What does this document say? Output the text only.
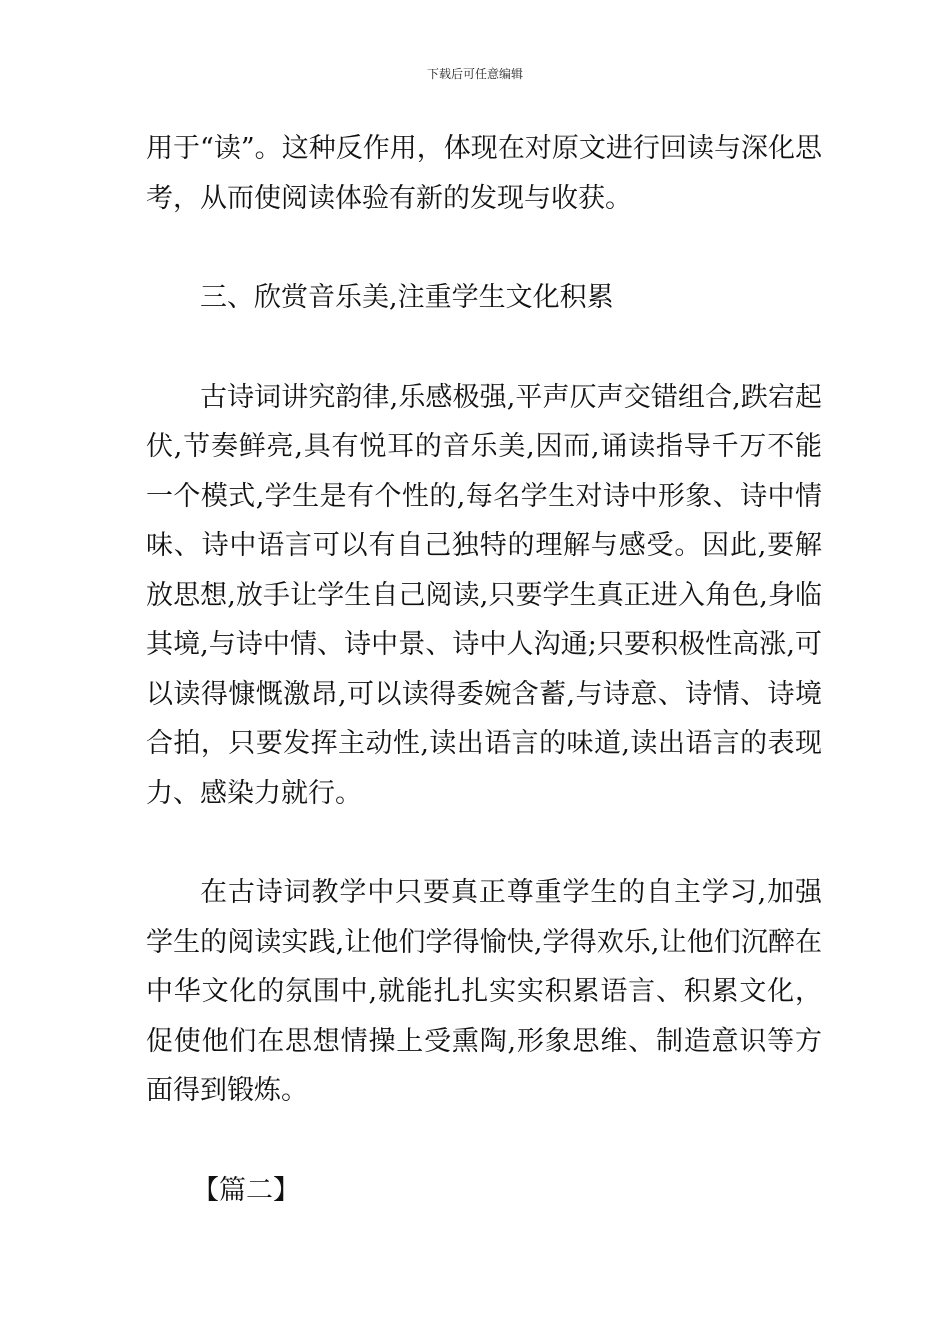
下载后可任意编辑

用于“读”。这种反作用，体现在对原文进行回读与深化思考，从而使阅读体验有新的发现与收获。

三、欣赏音乐美,注重学生文化积累

古诗词讲究韵律,乐感极强,平声仄声交错组合,跌宕起伏,节奏鲜亮,具有悦耳的音乐美,因而,诵读指导千万不能一个模式,学生是有个性的,每名学生对诗中形象、诗中情味、诗中语言可以有自己独特的理解与感受。因此,要解放思想,放手让学生自己阅读,只要学生真正进入角色,身临其境,与诗中情、诗中景、诗中人沟通;只要积极性高涨,可以读得慷慨激昂,可以读得委婉含蓄,与诗意、诗情、诗境合拍，只要发挥主动性,读出语言的味道,读出语言的表现力、感染力就行。

在古诗词教学中只要真正尊重学生的自主学习,加强学生的阅读实践,让他们学得愉快,学得欢乐,让他们沉醉在中华文化的氛围中,就能扎扎实实积累语言、积累文化，促使他们在思想情操上受熏陶,形象思维、制造意识等方面得到锻炼。

【篇二】
